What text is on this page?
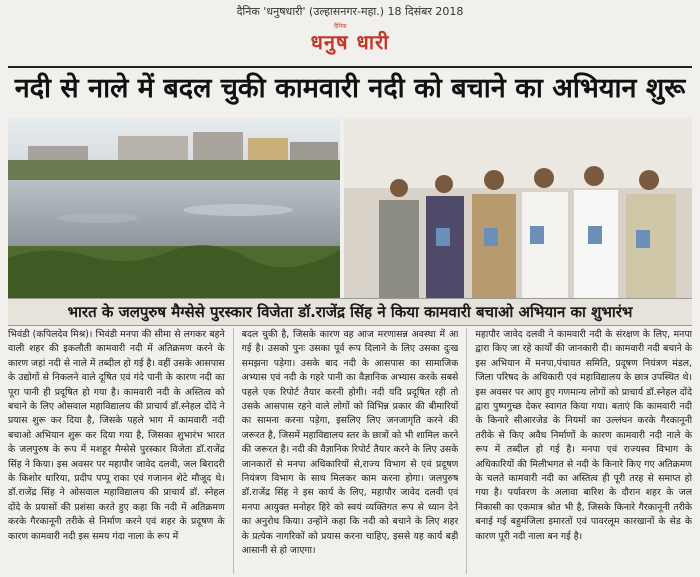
दैनिक 'धनुषधारी' (उल्हासनगर-महा.) 18 दिसंबर 2018
दैनिक
धनुष धारी
नदी से नाले में बदल चुकी कामवारी नदी को बचाने का अभियान शुरू
भारत के जलपुरुष मैग्सेसे पुरस्कार विजेता डॉ.राजेंद्र सिंह ने किया कामवारी बचाओ अभियान का शुभारंभ

भिवंडी (कपिलदेव मिश्र)। भिवंडी मनपा की सीमा से लगकर बहने वाली शहर की इकलौती कामवारी नदी में अतिक्रमण करने के कारण जहां नदी से नाले में तब्दील हो गई है। वहीं उसके आसपास के उद्योगों से निकलने वाले दूषित एवं गंदे पानी के कारण नदी का पूरा पानी ही प्रदूषित हो गया है। कामवारी नदी के अस्तित्व को बचाने के लिए ओसवाल महाविद्यालय की प्राचार्य डॉ.स्नेहल दोंदे ने प्रयास शुरू कर दिया है, जिसके पहले भाग में कामवारी नदी बचाओ अभियान शुरू कर दिया गया है, जिसका शुभारंभ भारत के जलपुरुष के रूप में मशहूर मैग्सेसे पुरस्कार विजेता डॉ.राजेंद्र सिंह ने किया। इस अवसर पर महापौर जावेद दलवी, जल बिरादरी के किशोर धारिया, प्रदीप पप्पू राका एवं गजानन शेटे मौजूद थे। डॉ.राजेंद्र सिंह ने ओसवाल महाविद्यालय की प्राचार्य डॉ. स्नेहल दोंदे के प्रयासों की प्रशंसा करते हुए कहा कि नदी में अतिक्रमण करके गैरकानूनी तरीके से निर्माण करने एवं शहर के प्रदूषण के कारण कामवारी नदी इस समय गंदा नाला के रूप में

बदल चुकी है, जिसके कारण वह आज मरणासन्न अवस्था में आ गई है। उसको पुनः उसका पूर्व रूप दिलाने के लिए उसका दुःख समझना पड़ेगा। उसके बाद नदी के आसपास का सामाजिक अभ्यास एवं नदी के गहरे पानी का वैज्ञानिक अभ्यास करके सबसे पहले एक रिपोर्ट तैयार करनी होगी। नदी यदि प्रदूषित रही तो उसके आसपास रहने वाले लोगों को विभिन्न प्रकार की बीमारियों का सामना करना पड़ेगा, इसलिए लिए जनजागृति करने की जरूरत है, जिसमें महाविद्यालय स्तर के छात्रों को भी शामिल करने की जरूरत है। नदी की वैज्ञानिक रिपोर्ट तैयार करने के लिए उसके जानकारों से मनपा अधिकारियों से,राज्य विभाग से एवं प्रदूषण नियंत्रण विभाग के साथ मिलकर काम करना होगा। जलपुरुष डॉ.राजेंद्र सिंह ने इस कार्य के लिए, महापौर जावेद दलवी एवं मनपा आयुक्त मनोहर हिरे को स्वयं व्यक्तिगत रूप से ध्यान देने का अनुरोध किया। उन्होंने कहा कि नदी को बचाने के लिए शहर के प्रत्येक नागरिकों को प्रयास करना चाहिए, इससे यह कार्य बड़ी आसानी से हो जाएगा।

महापौर जावेद दलवी ने कामवारी नदी के संरक्षण के लिए, मनपा द्वारा किए जा रहे कार्यों की जानकारी दी। कामवारी नदी बचाने के इस अभियान में मनपा,पंचायत समिति, प्रदूषण नियंत्रण मंडल, जिला परिषद के अधिकारी एवं महाविद्यालय के छात्र उपस्थित थे। इस अवसर पर आए हुए गणमान्य लोगों को प्राचार्य डॉ.स्नेहल दोंदे द्वारा पुष्पगुच्छ देकर स्वागत किया गया। बताएं कि कामवारी नदी के किनारे सीआरजेड के नियमों का उल्लंघन करके गैरकानूनी तरीके से किए अवैध निर्माणों के कारण कामवारी नदी नाले के रूप में तब्दील हो गई है। मनपा एवं राज्यस्व विभाग के अधिकारियों की मिलीभगत से नदी के किनारे किए गए अतिक्रमण के चलते कामवारी नदी का अस्तित्व ही पूरी तरह से समाप्त हो गया है। पर्यावरण के अलावा बारिश के दौरान शहर के जल निकासी का एकमात्र श्रोत भी है, जिसके किनारे गैरकानूनी तरीके बनाई गई बहुमंजिला इमारतों एवं पावरलूम कारखानों के सेड के कारण पूरी नदी नाला बन गई है।
